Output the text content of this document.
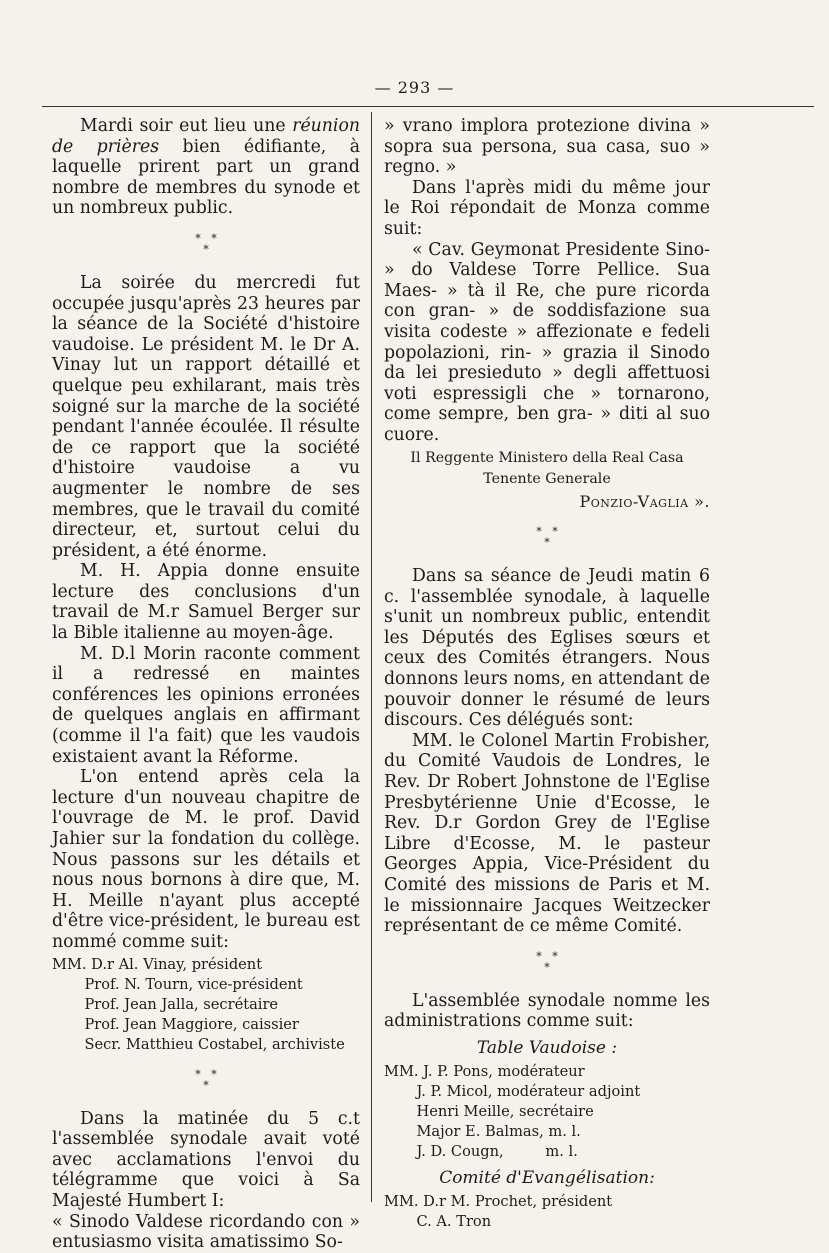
— 293 —

Mardi soir eut lieu une réunion de prières bien édifiante, à laquelle prirent part un grand nombre de membres du synode et un nombreux public.

*   *
*

La soirée du mercredi fut occupée jusqu'après 23 heures par la séance de la Société d'histoire vaudoise. Le président M. le Dr A. Vinay lut un rapport détaillé et quelque peu exhilarant, mais très soigné sur la marche de la société pendant l'année écoulée. Il résulte de ce rapport que la société d'histoire vaudoise a vu augmenter le nombre de ses membres, que le travail du comité directeur, et, surtout celui du président, a été énorme.

M. H. Appia donne ensuite lecture des conclusions d'un travail de M.r Samuel Berger sur la Bible italienne au moyen-âge.

M. D.l Morin raconte comment il a redressé en maintes conférences les opinions erronées de quelques anglais en affirmant (comme il l'a fait) que les vaudois existaient avant la Réforme.

L'on entend après cela la lecture d'un nouveau chapitre de l'ouvrage de M. le prof. David Jahier sur la fondation du collège. Nous passons sur les détails et nous nous bornons à dire que, M. H. Meille n'ayant plus accepté d'être vice-président, le bureau est nommé comme suit:

MM. D.r Al. Vinay, président
Prof. N. Tourn, vice-président
Prof. Jean Jalla, secrétaire
Prof. Jean Maggiore, caissier
Secr. Matthieu Costabel, archiviste
*   *
*

Dans la matinée du 5 c.t l'assemblée synodale avait voté avec acclamations l'envoi du télégramme que voici à Sa Majesté Humbert I:

« Sinodo Valdese ricordando con » entusiasmo visita amatissimo So-

» vrano implora protezione divina » sopra sua persona, sua casa, suo » regno. »

Dans l'après midi du même jour le Roi répondait de Monza comme suit:

« Cav. Geymonat Presidente Sino- » do Valdese Torre Pellice. Sua Maes- » tà il Re, che pure ricorda con gran- » de soddisfazione sua visita codeste » affezionate e fedeli popolazioni, rin- » grazia il Sinodo da lei presieduto » degli affettuosi voti espressigli che » tornarono, come sempre, ben gra- » diti al suo cuore.

Il Reggente Ministero della Real Casa

Tenente Generale

Ponzio-Vaglia ».

*   *
*

Dans sa séance de Jeudi matin 6 c. l'assemblée synodale, à laquelle s'unit un nombreux public, entendit les Députés des Eglises sœurs et ceux des Comités étrangers. Nous donnons leurs noms, en attendant de pouvoir donner le résumé de leurs discours. Ces délégués sont:

MM. le Colonel Martin Frobisher, du Comité Vaudois de Londres, le Rev. Dr Robert Johnstone de l'Eglise Presbytérienne Unie d'Ecosse, le Rev. D.r Gordon Grey de l'Eglise Libre d'Ecosse, M. le pasteur Georges Appia, Vice-Président du Comité des missions de Paris et M. le missionnaire Jacques Weitzecker représentant de ce même Comité.

*   *
*

L'assemblée synodale nomme les administrations comme suit:

Table Vaudoise :
MM. J. P. Pons, modérateur
J. P. Micol, modérateur adjoint
Henri Meille, secrétaire
Major E. Balmas, m. l.
J. D. Cougn,         m. l.
Comité d'Evangélisation:
MM. D.r M. Prochet, président
C. A. Tron
